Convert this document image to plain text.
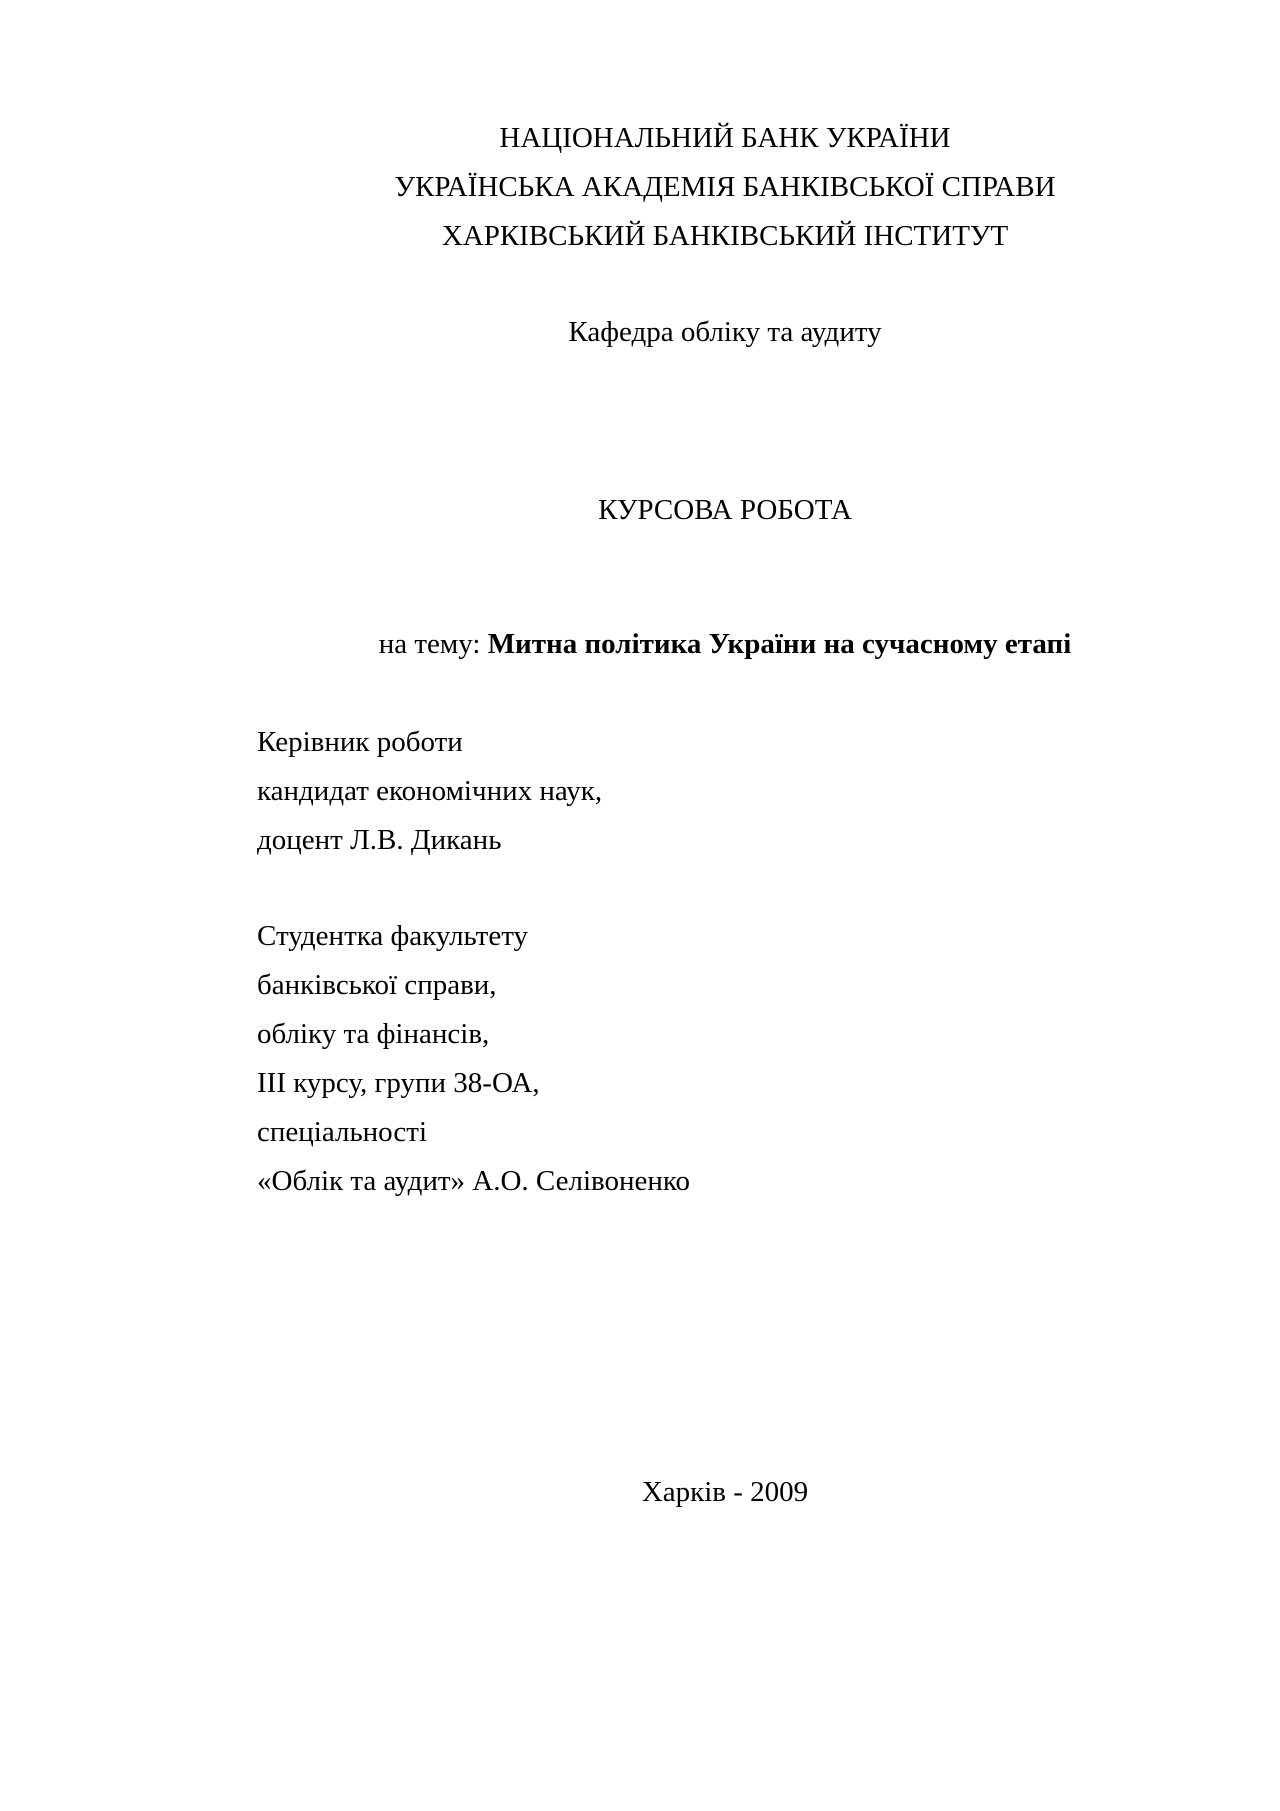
НАЦІОНАЛЬНИЙ БАНК УКРАЇНИ
УКРАЇНСЬКА АКАДЕМІЯ БАНКІВСЬКОЇ СПРАВИ
ХАРКІВСЬКИЙ БАНКІВСЬКИЙ ІНСТИТУТ
Кафедра обліку та аудиту
КУРСОВА РОБОТА
на тему: Митна політика України на сучасному етапі
Керівник роботи
кандидат економічних наук,
доцент Л.В. Дикань
Студентка факультету
банківської справи,
обліку та фінансів,
ІІІ курсу, групи 38-ОА,
спеціальності
«Облік та аудит» А.О. Селівоненко
Харків - 2009
